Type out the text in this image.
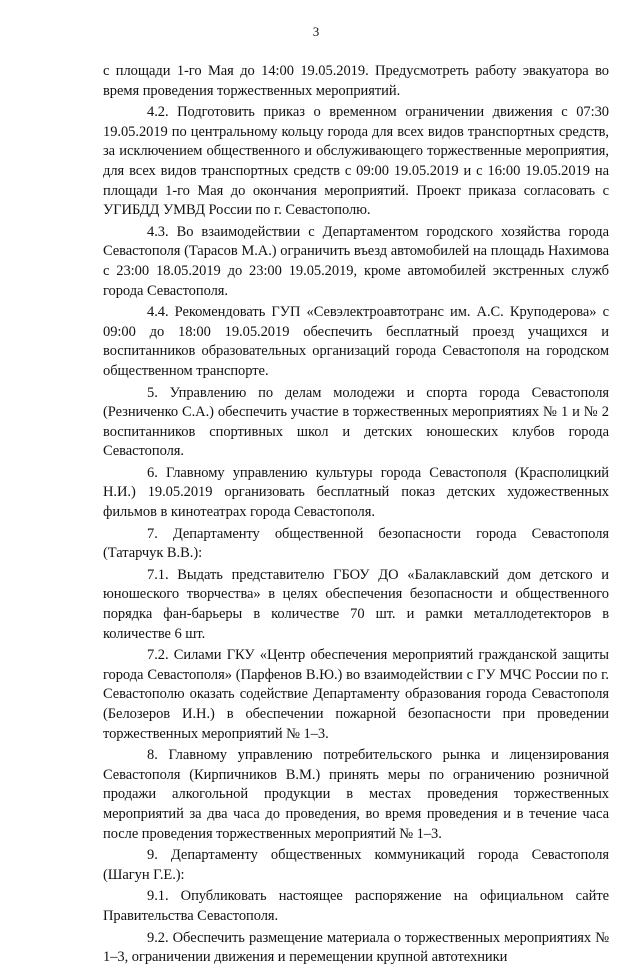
3

с площади 1-го Мая до 14:00 19.05.2019. Предусмотреть работу эвакуатора во время проведения торжественных мероприятий.

4.2. Подготовить приказ о временном ограничении движения с 07:30 19.05.2019 по центральному кольцу города для всех видов транспортных средств, за исключением общественного и обслуживающего торжественные мероприятия, для всех видов транспортных средств с 09:00 19.05.2019 и с 16:00 19.05.2019 на площади 1-го Мая до окончания мероприятий. Проект приказа согласовать с УГИБДД УМВД России по г. Севастополю.

4.3. Во взаимодействии с Департаментом городского хозяйства города Севастополя (Тарасов М.А.) ограничить въезд автомобилей на площадь Нахимова с 23:00 18.05.2019 до 23:00 19.05.2019, кроме автомобилей экстренных служб города Севастополя.

4.4. Рекомендовать ГУП «Севэлектроавтотранс им. А.С. Круподерова» с 09:00 до 18:00 19.05.2019 обеспечить бесплатный проезд учащихся и воспитанников образовательных организаций города Севастополя на городском общественном транспорте.

5. Управлению по делам молодежи и спорта города Севастополя (Резниченко С.А.) обеспечить участие в торжественных мероприятиях № 1 и № 2 воспитанников спортивных школ и детских юношеских клубов города Севастополя.

6. Главному управлению культуры города Севастополя (Красполицкий Н.И.) 19.05.2019 организовать бесплатный показ детских художественных фильмов в кинотеатрах города Севастополя.

7. Департаменту общественной безопасности города Севастополя (Татарчук В.В.):

7.1. Выдать представителю ГБОУ ДО «Балаклавский дом детского и юношеского творчества» в целях обеспечения безопасности и общественного порядка фан-барьеры в количестве 70 шт. и рамки металлодетекторов в количестве 6 шт.

7.2. Силами ГКУ «Центр обеспечения мероприятий гражданской защиты города Севастополя» (Парфенов В.Ю.) во взаимодействии с ГУ МЧС России по г. Севастополю оказать содействие Департаменту образования города Севастополя (Белозеров И.Н.) в обеспечении пожарной безопасности при проведении торжественных мероприятий № 1–3.

8. Главному управлению потребительского рынка и лицензирования Севастополя (Кирпичников В.М.) принять меры по ограничению розничной продажи алкогольной продукции в местах проведения торжественных мероприятий за два часа до проведения, во время проведения и в течение часа после проведения торжественных мероприятий № 1–3.

9. Департаменту общественных коммуникаций города Севастополя (Шагун Г.Е.):

9.1. Опубликовать настоящее распоряжение на официальном сайте Правительства Севастополя.

9.2. Обеспечить размещение материала о торжественных мероприятиях № 1–3, ограничении движения и перемещении крупной автотехники
